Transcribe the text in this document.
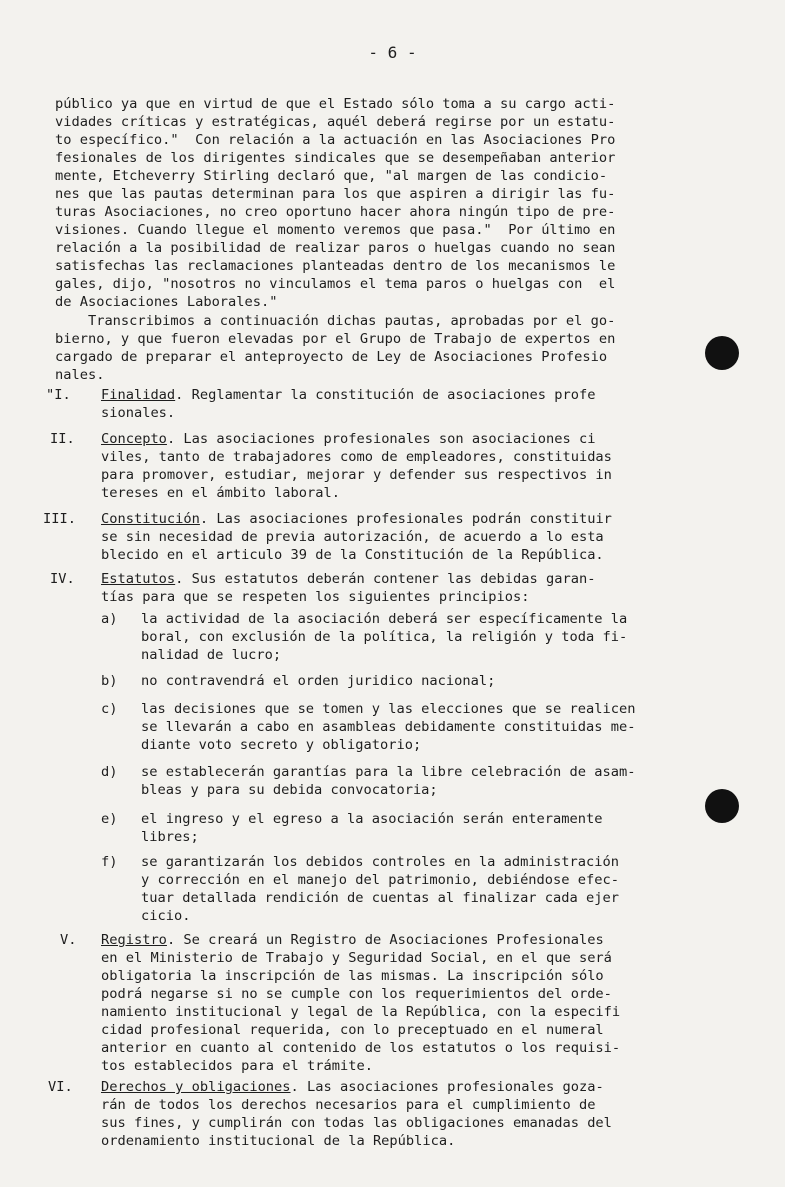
- 6 -
público ya que en virtud de que el Estado sólo toma a su cargo acti-
vidades críticas y estratégicas, aquél deberá regirse por un estatu-
to específico."  Con relación a la actuación en las Asociaciones Pro
fesionales de los dirigentes sindicales que se desempeñaban anterior
mente, Etcheverry Stirling declaró que, "al margen de las condicio-
nes que las pautas determinan para los que aspiren a dirigir las fu-
turas Asociaciones, no creo oportuno hacer ahora ningún tipo de pre-
visiones. Cuando llegue el momento veremos que pasa."  Por último en
relación a la posibilidad de realizar paros o huelgas cuando no sean
satisfechas las reclamaciones planteadas dentro de los mecanismos le
gales, dijo, "nosotros no vinculamos el tema paros o huelgas con  el
de Asociaciones Laborales."
Transcribimos a continuación dichas pautas, aprobadas por el go-
bierno, y que fueron elevadas por el Grupo de Trabajo de expertos en
cargado de preparar el anteproyecto de Ley de Asociaciones Profesio
nales.
"I. Finalidad. Reglamentar la constitución de asociaciones profe
sionales.
II. Concepto. Las asociaciones profesionales son asociaciones ci
viles, tanto de trabajadores como de empleadores, constituidas
para promover, estudiar, mejorar y defender sus respectivos in
tereses en el ámbito laboral.
III. Constitución. Las asociaciones profesionales podrán constituir
se sin necesidad de previa autorización, de acuerdo a lo esta
blecido en el articulo 39 de la Constitución de la República.
IV. Estatutos. Sus estatutos deberán contener las debidas garan-
tías para que se respeten los siguientes principios:
a) la actividad de la asociación deberá ser específicamente la
boral, con exclusión de la política, la religión y toda fi-
nalidad de lucro;
b) no contravendrá el orden juridico nacional;
c) las decisiones que se tomen y las elecciones que se realicen
se llevarán a cabo en asambleas debidamente constituidas me-
diante voto secreto y obligatorio;
d) se establecerán garantías para la libre celebración de asam-
bleas y para su debida convocatoria;
e) el ingreso y el egreso a la asociación serán enteramente
libres;
f) se garantizarán los debidos controles en la administración
y corrección en el manejo del patrimonio, debiéndose efec-
tuar detallada rendición de cuentas al finalizar cada ejer
cicio.
V. Registro. Se creará un Registro de Asociaciones Profesionales
en el Ministerio de Trabajo y Seguridad Social, en el que será
obligatoria la inscripción de las mismas. La inscripción sólo
podrá negarse si no se cumple con los requerimientos del orde-
namiento institucional y legal de la República, con la especifi
cidad profesional requerida, con lo preceptuado en el numeral
anterior en cuanto al contenido de los estatutos o los requisi-
tos establecidos para el trámite.
VI. Derechos y obligaciones. Las asociaciones profesionales goza-
rán de todos los derechos necesarios para el cumplimiento de
sus fines, y cumplirán con todas las obligaciones emanadas del
ordenamiento institucional de la República.
